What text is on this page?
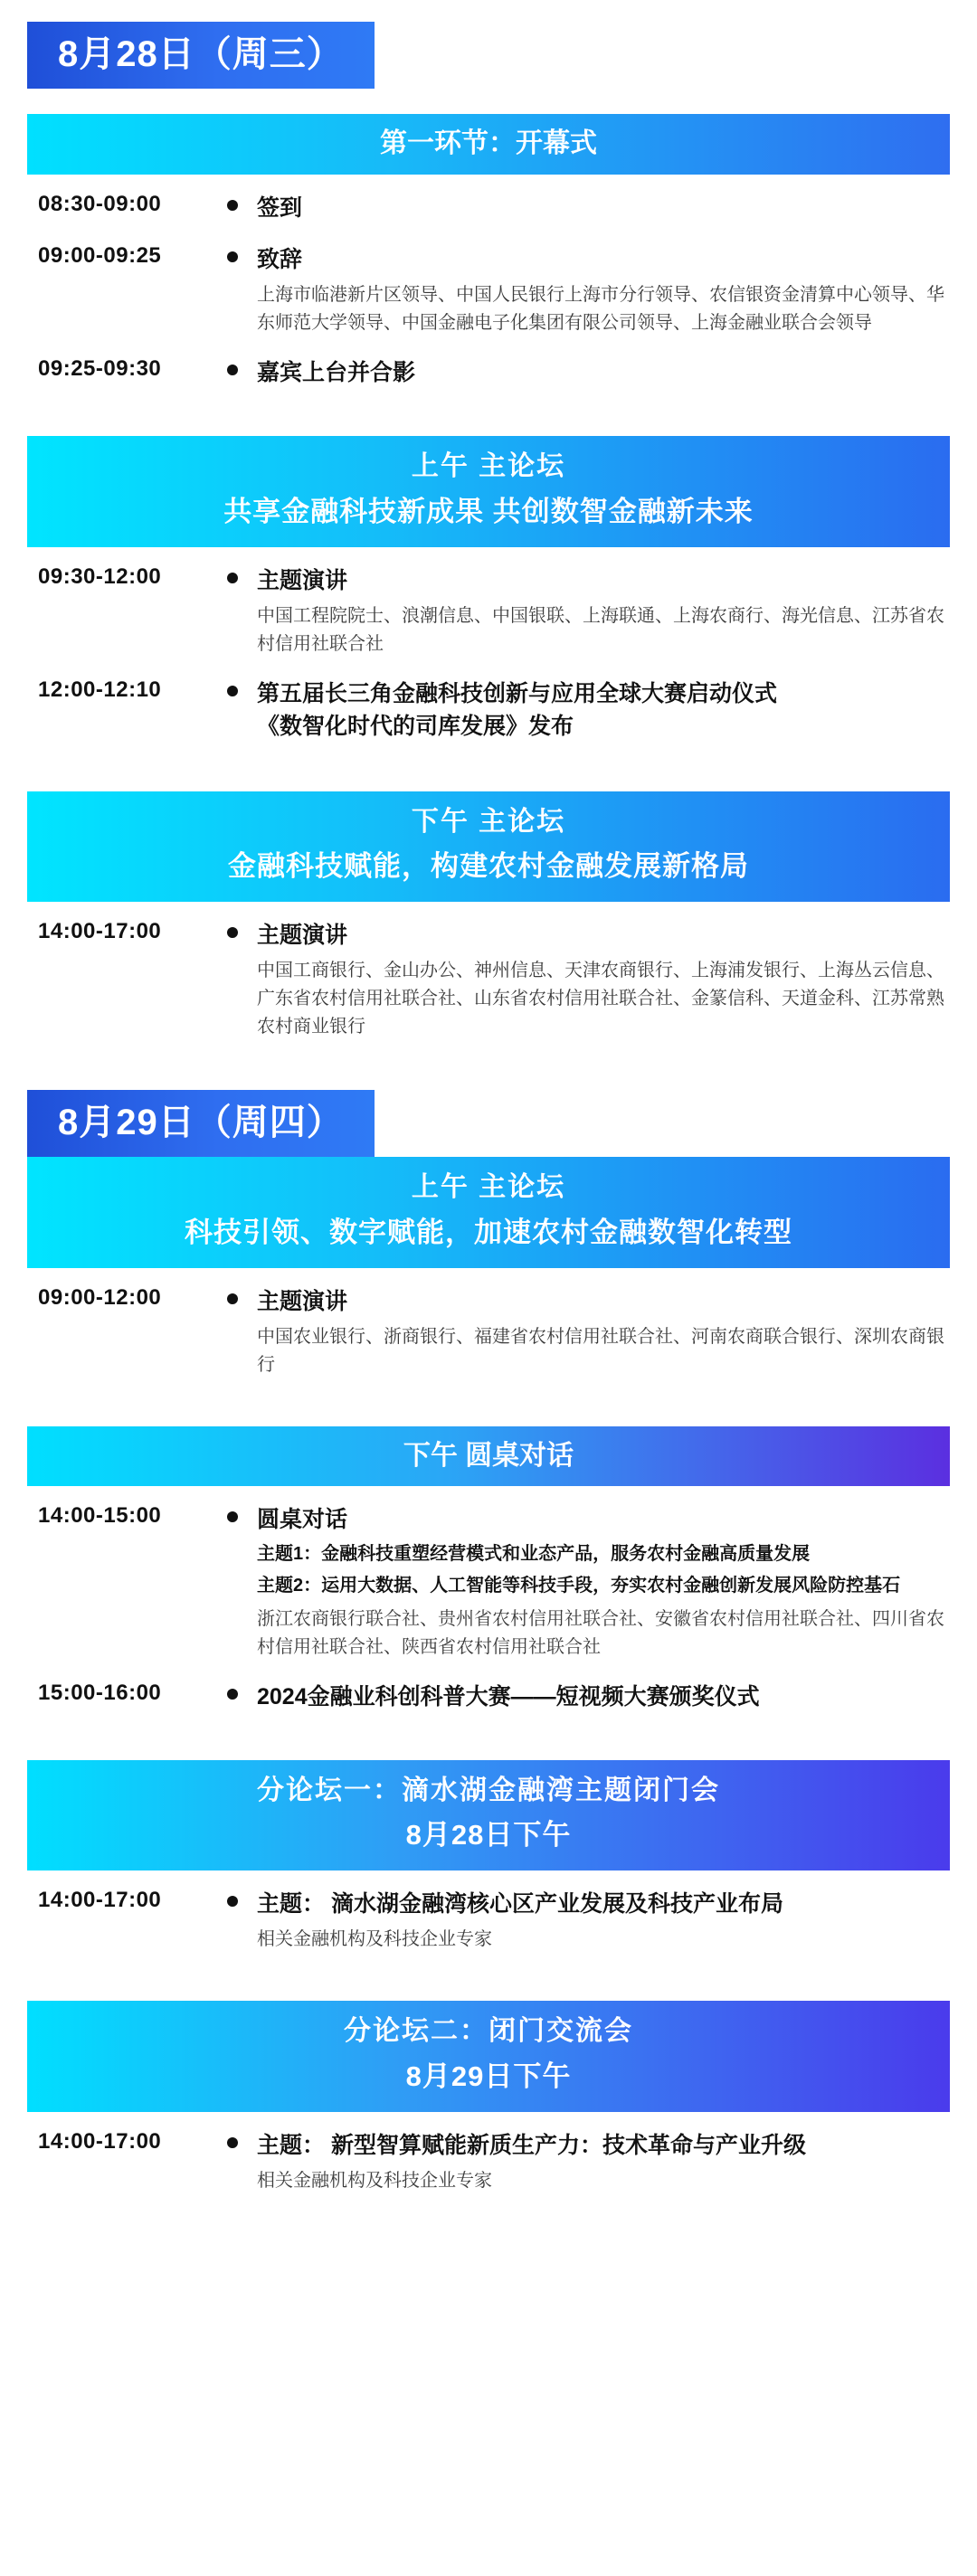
8月28日（周三）
第一环节：开幕式
08:30-09:00	签到
09:00-09:25	致辞
上海市临港新片区领导、中国人民银行上海市分行领导、农信银资金清算中心领导、华东师范大学领导、中国金融电子化集团有限公司领导、上海金融业联合会领导
09:25-09:30	嘉宾上台并合影
上午 主论坛
共享金融科技新成果 共创数智金融新未来
09:30-12:00	主题演讲
中国工程院院士、浪潮信息、中国银联、上海联通、上海农商行、海光信息、江苏省农村信用社联合社
12:00-12:10	第五届长三角金融科技创新与应用全球大赛启动仪式
《数智化时代的司库发展》发布
下午 主论坛
金融科技赋能，构建农村金融发展新格局
14:00-17:00	主题演讲
中国工商银行、金山办公、神州信息、天津农商银行、上海浦发银行、上海丛云信息、广东省农村信用社联合社、山东省农村信用社联合社、金篆信科、天道金科、江苏常熟农村商业银行
8月29日（周四）
上午 主论坛
科技引领、数字赋能，加速农村金融数智化转型
09:00-12:00	主题演讲
中国农业银行、浙商银行、福建省农村信用社联合社、河南农商联合银行、深圳农商银行
下午 圆桌对话
14:00-15:00	圆桌对话
主题1：金融科技重塑经营模式和业态产品，服务农村金融高质量发展
主题2：运用大数据、人工智能等科技手段，夯实农村金融创新发展风险防控基石
浙江农商银行联合社、贵州省农村信用社联合社、安徽省农村信用社联合社、四川省农村信用社联合社、陕西省农村信用社联合社
15:00-16:00	2024金融业科创科普大赛——短视频大赛颁奖仪式
分论坛一：滴水湖金融湾主题闭门会
8月28日下午
14:00-17:00	主题： 滴水湖金融湾核心区产业发展及科技产业布局
相关金融机构及科技企业专家
分论坛二：闭门交流会
8月29日下午
14:00-17:00	主题： 新型智算赋能新质生产力：技术革命与产业升级
相关金融机构及科技企业专家
